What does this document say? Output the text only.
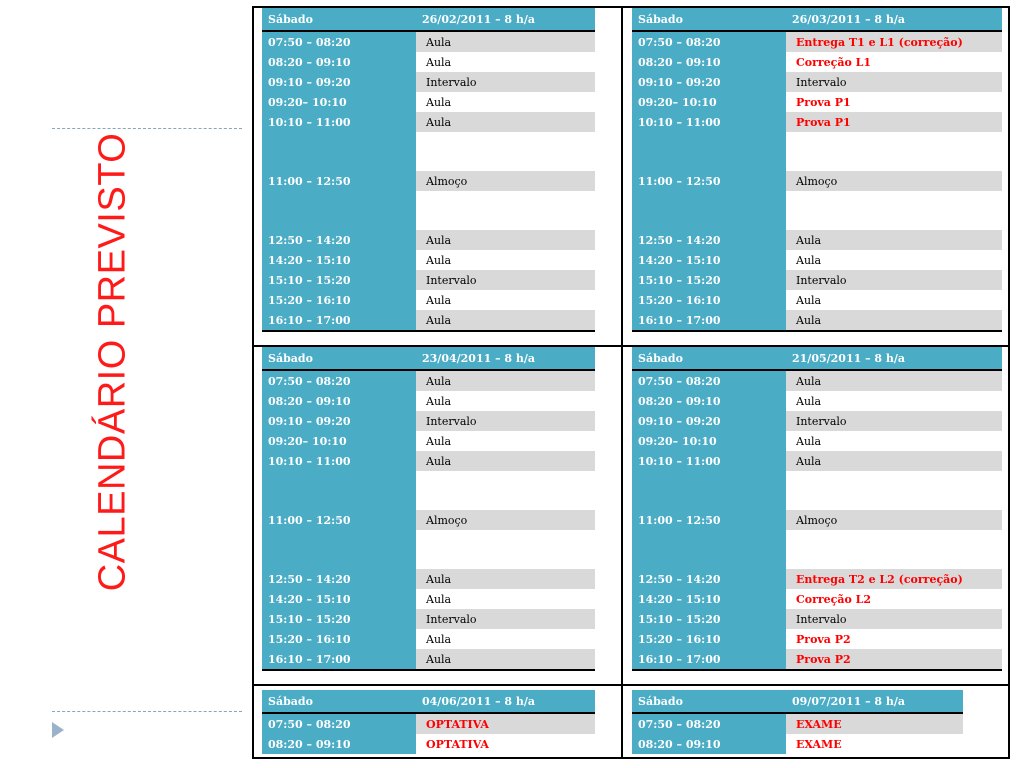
CALENDÁRIO PREVISTO
Sábado	26/02/2011 – 8 h/a
07:50 – 08:20	Aula
08:20 – 09:10	Aula
09:10 – 09:20	Intervalo
09:20– 10:10	Aula
10:10 – 11:00	Aula
11:00 – 12:50	Almoço
12:50 – 14:20	Aula
14:20 – 15:10	Aula
15:10 – 15:20	Intervalo
15:20 – 16:10	Aula
16:10 – 17:00	Aula
Sábado	26/03/2011 – 8 h/a
07:50 – 08:20	Entrega T1 e L1 (correção)
08:20 – 09:10	Correção L1
09:10 – 09:20	Intervalo
09:20– 10:10	Prova P1
10:10 – 11:00	Prova P1
11:00 – 12:50	Almoço
12:50 – 14:20	Aula
14:20 – 15:10	Aula
15:10 – 15:20	Intervalo
15:20 – 16:10	Aula
16:10 – 17:00	Aula
Sábado	23/04/2011 – 8 h/a
07:50 – 08:20	Aula
08:20 – 09:10	Aula
09:10 – 09:20	Intervalo
09:20– 10:10	Aula
10:10 – 11:00	Aula
11:00 – 12:50	Almoço
12:50 – 14:20	Aula
14:20 – 15:10	Aula
15:10 – 15:20	Intervalo
15:20 – 16:10	Aula
16:10 – 17:00	Aula
Sábado	21/05/2011 – 8 h/a
07:50 – 08:20	Aula
08:20 – 09:10	Aula
09:10 – 09:20	Intervalo
09:20– 10:10	Aula
10:10 – 11:00	Aula
11:00 – 12:50	Almoço
12:50 – 14:20	Entrega T2 e L2 (correção)
14:20 – 15:10	Correção L2
15:10 – 15:20	Intervalo
15:20 – 16:10	Prova P2
16:10 – 17:00	Prova P2
Sábado	04/06/2011 – 8 h/a
07:50 – 08:20	OPTATIVA
08:20 – 09:10	OPTATIVA
Sábado	09/07/2011 – 8 h/a
07:50 – 08:20	EXAME
08:20 – 09:10	EXAME
